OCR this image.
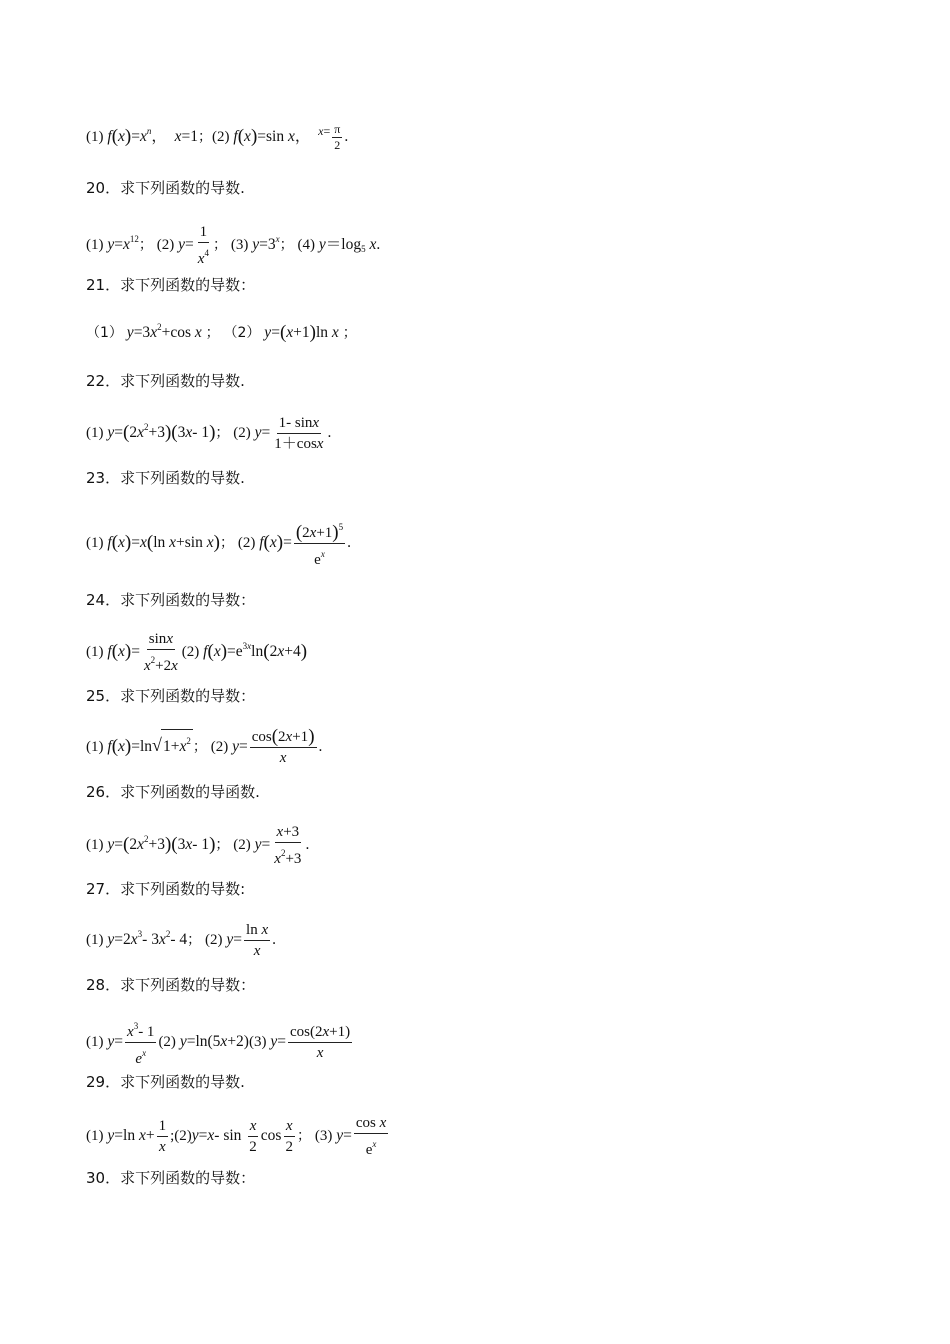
(1) $f(x)=x^n$， x=1；(2) f(x)=sin x， $^{x=} \frac{\pi}{2}$ .
20．求下列函数的导数.
(1) $y=x^{12}$； (2) $y= \frac{1}{x^4}$ ； (3) $y=3^x$； (4) $y=\log_5$ x.
21．求下列函数的导数：
（1） $y=3x^2+\cos$ x ； （2） y=(x+1)ln x ；
22．求下列函数的导数.
(1) $y=(2x^2+3)(3x-$ 1)； (2) $y= \frac{1- \sin x}{1+\cos x}$ .
23．求下列函数的导数.
(1) f(x)=x(ln x+sin x)； (2) $f(x)= \frac{(2x+1)^5}{e^x}$ .
24．求下列函数的导数：
(1) $f(x)= \frac{\sin x}{x^2+2x} (2)$ $f(x)=e^{3x}\ln(2x+4)$
25．求下列函数的导数：
(1) $f(x)=\ln√1+x^2$ ； (2) $y= \frac{\cos(2x+1)}{x}$ .
26．求下列函数的导函数.
(1) $y=(2x^2+3)(3x-$ 1)； (2) $y= \frac{x+3}{x^2+3}$ .
27．求下列函数的导数:
(1) $y=2x^3-$ $3x^2-$ 4； (2) $y= \frac{\text{ln x}}{x}$ .
28．求下列函数的导数：
(1) $y= \frac{x^3- 1}{e^x} (2)$ y=ln(5x+2)(3) $y= \frac{\cos(2x+1)}{x}$
29．求下列函数的导数.
(1) y=ln $x+ \frac{1}{x}$ ;(2)y=x- $\sin \frac{x}{2}$ $\cos \frac{x}{2}$ ； (3) $y= \frac{\text{cos x}}{e^x}$
30．求下列函数的导数：
